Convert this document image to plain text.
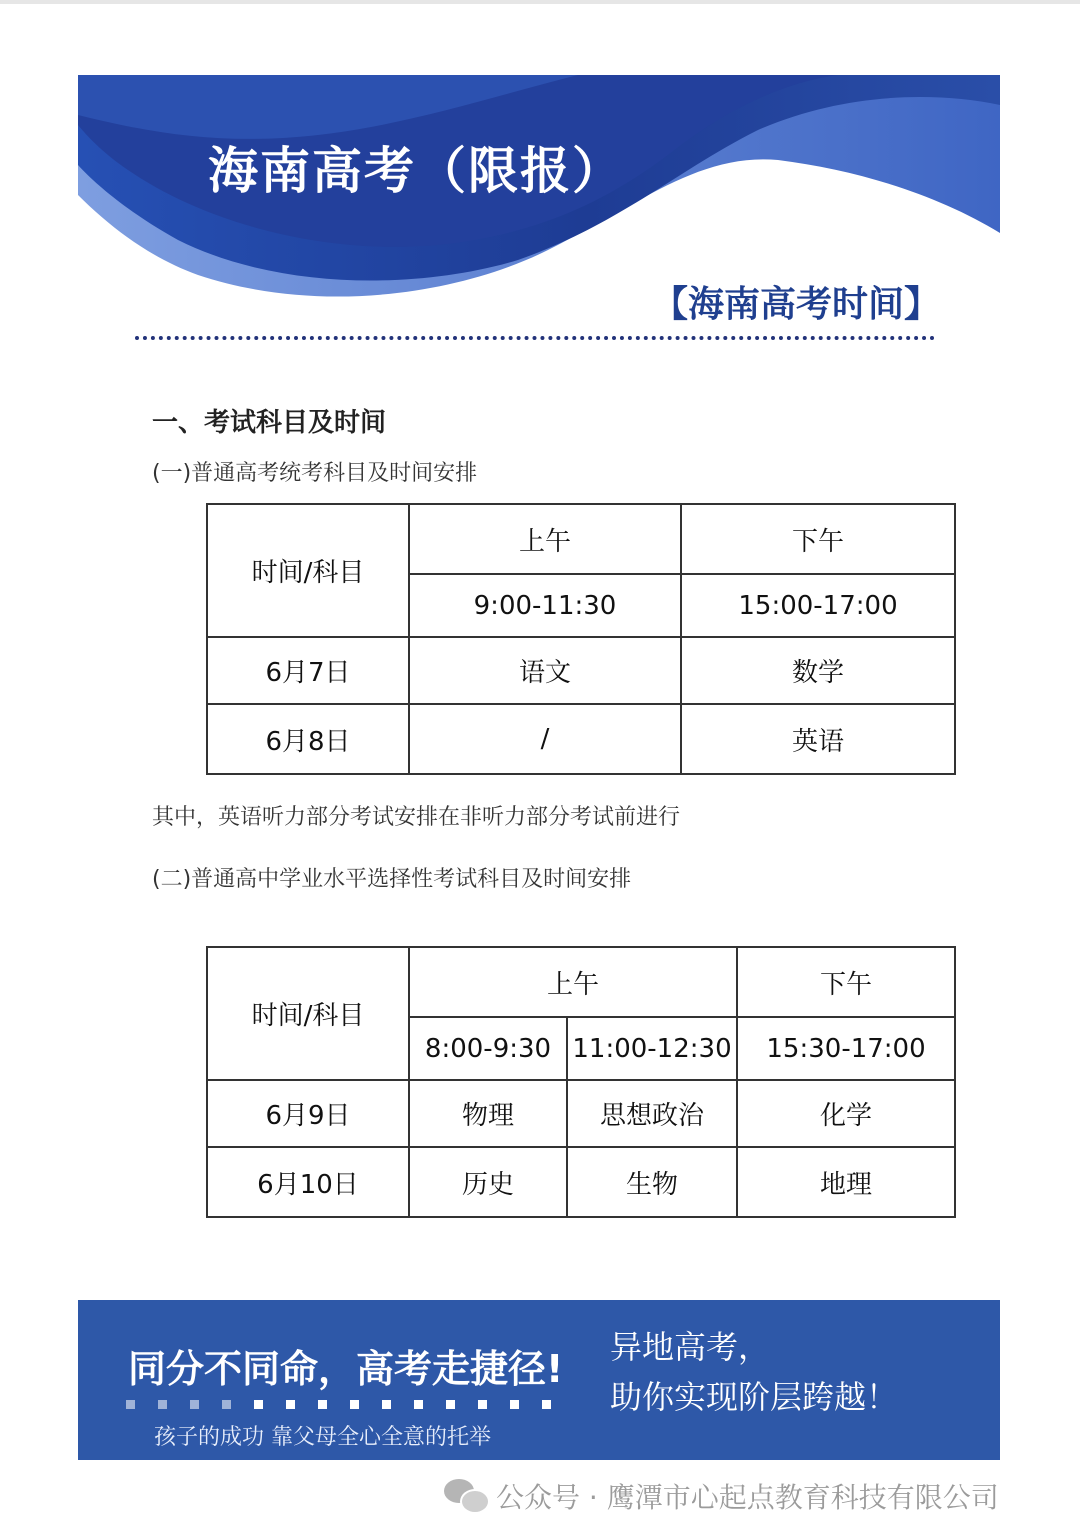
海南高考（限报）
【海南高考时间】
一、考试科目及时间
(一)普通高考统考科目及时间安排
时间/科目	上午	下午
	9:00-11:30	15:00-17:00
6月7日	语文	数学
6月8日	/	英语
其中，英语听力部分考试安排在非听力部分考试前进行
(二)普通高中学业水平选择性考试科目及时间安排
时间/科目	上午		下午
	8:00-9:30	11:00-12:30	15:30-17:00
6月9日	物理	思想政治	化学
6月10日	历史	生物	地理
同分不同命，高考走捷径!
孩子的成功 靠父母全心全意的托举
异地高考，
助你实现阶层跨越！
公众号 · 鹰潭市心起点教育科技有限公司
